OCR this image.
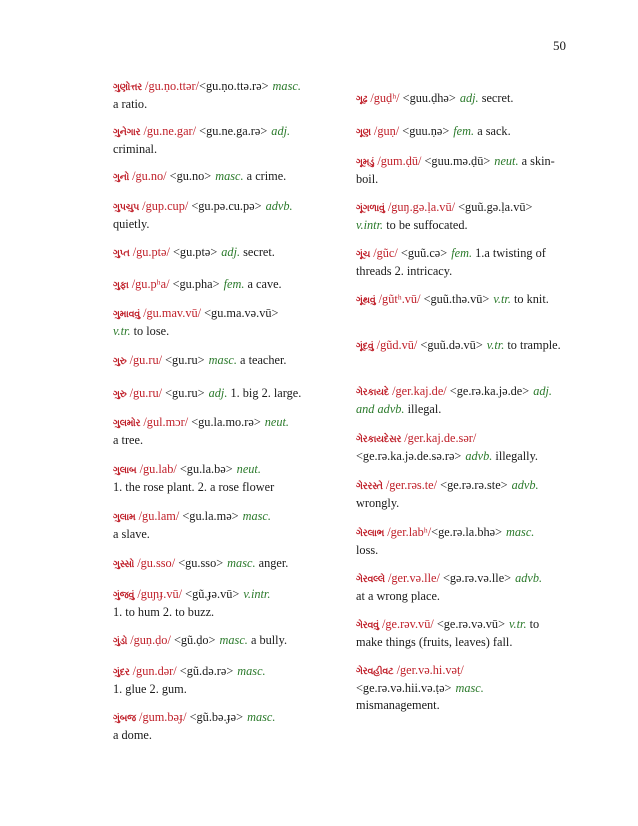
50
ગુણોત્તર /gu.ṇo.ttər/<gu.ṇo.ttə.rə> masc.
a ratio.
ગુનેગાર /gu.ne.gar/ <gu.ne.ga.rə> adj.
criminal.
ગુનો /gu.no/ <gu.no> masc. a crime.
ગુપચુપ /gup.cup/ <gu.pə.cu.pə> advb.
quietly.
ગુપ્ત /gu.ptə/ <gu.ptə> adj. secret.
ગુફા /gu.pʰa/ <gu.pha> fem. a cave.
ગુમાવવું /gu.mav.vū/ <gu.ma.və.vū>
v.tr. to lose.
ગુરુ /gu.ru/ <gu.ru> masc. a teacher.
ગુરુ /gu.ru/ <gu.ru> adj. 1. big 2. large.
ગુલમોર /gul.mɔr/ <gu.la.mo.rə> neut.
a tree.
ગુલાબ /gu.lab/ <gu.la.bə> neut.
1. the rose plant. 2. a rose flower
ગુલામ /gu.lam/ <gu.la.mə> masc.
a slave.
ગુસ્સો /gu.sso/ <gu.sso> masc. anger.
ગુંજવું /guɲɟ.vū/ <gũ.ɟə.vū> v.intr.
1. to hum 2. to buzz.
ગુંડો /guṇ.ḍo/ <gũ.ḍo> masc. a bully.
ગુંદર /gun.dər/ <gũ.də.rə> masc.
1. glue 2. gum.
ગુંબજ /gum.bəɟ/ <gũ.bə.ɟə> masc.
a dome.
ગૂઢ /guḍʰ/ <guu.ḍhə> adj. secret.
ગૂણ /guṇ/ <guu.ṇə> fem. a sack.
ગૂમડું /gum.ḍū/ <guu.mə.ḍū> neut. a skin-boil.
ગૂંગળાવું /guŋ.gə.ḷa.vū/ <guũ.gə.ḷa.vū>
v.intr. to be suffocated.
ગૂંચ /gũc/ <guũ.cə> fem. 1.a twisting of threads 2. intricacy.
ગૂંથવું /gũtʰ.vū/ <guũ.thə.vū> v.tr. to knit.
ગૂંદવું /gũd.vū/ <guũ.də.vū> v.tr. to trample.
ગેરકાયદે /ger.kaj.de/ <ge.rə.ka.jə.de> adj. and advb. illegal.
ગેરકાયદેસર /ger.kaj.de.sər/
<ge.rə.ka.jə.de.sə.rə> advb. illegally.
ગેરરસ્તે /ger.rəs.te/ <ge.rə.rə.ste> advb.
wrongly.
ગેરલાભ /ger.labʰ/<ge.rə.la.bhə> masc.
loss.
ગેરવલ્લે /ger.və.lle/ <gə.rə.və.lle> advb.
at a wrong place.
ગેરવવું /ge.rəv.vū/ <ge.rə.və.vū> v.tr. to make things (fruits, leaves) fall.
ગેરવહીવટ /ger.və.hi.vəṭ/
<ge.rə.və.hii.və.ṭə> masc.
mismanagement.
